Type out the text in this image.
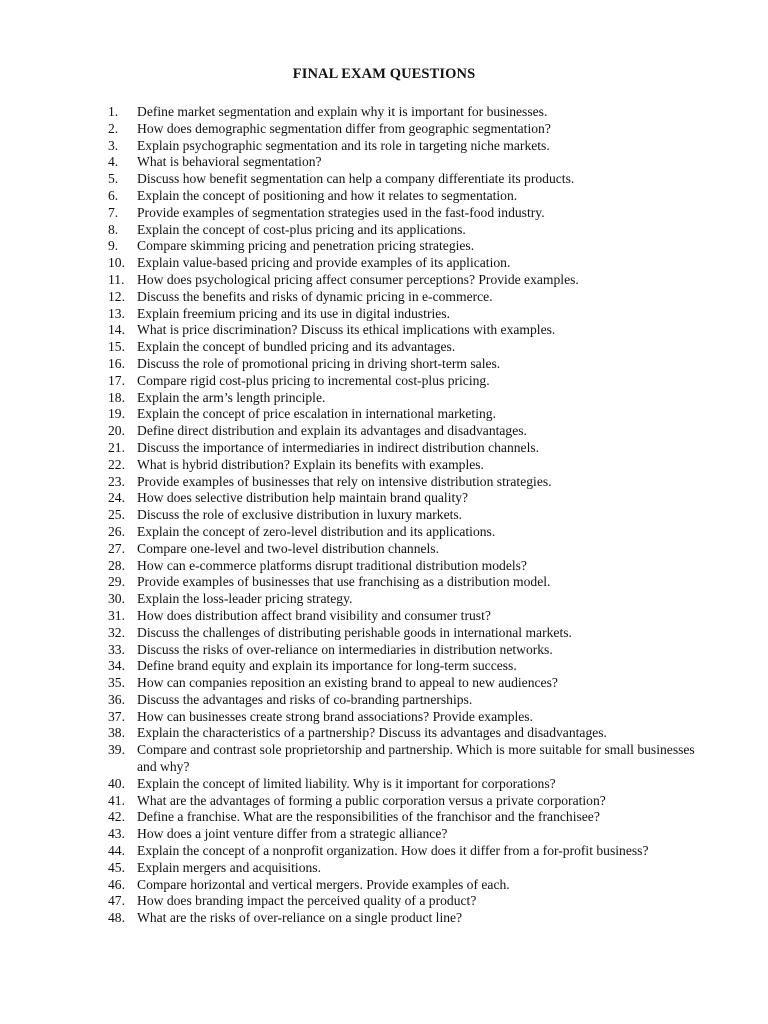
FINAL EXAM QUESTIONS
1.	Define market segmentation and explain why it is important for businesses.
2.	How does demographic segmentation differ from geographic segmentation?
3.	Explain psychographic segmentation and its role in targeting niche markets.
4.	What is behavioral segmentation?
5.	Discuss how benefit segmentation can help a company differentiate its products.
6.	Explain the concept of positioning and how it relates to segmentation.
7.	Provide examples of segmentation strategies used in the fast-food industry.
8.	Explain the concept of cost-plus pricing and its applications.
9.	Compare skimming pricing and penetration pricing strategies.
10. Explain value-based pricing and provide examples of its application.
11. How does psychological pricing affect consumer perceptions? Provide examples.
12. Discuss the benefits and risks of dynamic pricing in e-commerce.
13. Explain freemium pricing and its use in digital industries.
14. What is price discrimination? Discuss its ethical implications with examples.
15. Explain the concept of bundled pricing and its advantages.
16. Discuss the role of promotional pricing in driving short-term sales.
17. Compare rigid cost-plus pricing to incremental cost-plus pricing.
18. Explain the arm’s length principle.
19. Explain the concept of price escalation in international marketing.
20. Define direct distribution and explain its advantages and disadvantages.
21. Discuss the importance of intermediaries in indirect distribution channels.
22. What is hybrid distribution? Explain its benefits with examples.
23. Provide examples of businesses that rely on intensive distribution strategies.
24. How does selective distribution help maintain brand quality?
25. Discuss the role of exclusive distribution in luxury markets.
26. Explain the concept of zero-level distribution and its applications.
27. Compare one-level and two-level distribution channels.
28. How can e-commerce platforms disrupt traditional distribution models?
29. Provide examples of businesses that use franchising as a distribution model.
30. Explain the loss-leader pricing strategy.
31. How does distribution affect brand visibility and consumer trust?
32. Discuss the challenges of distributing perishable goods in international markets.
33. Discuss the risks of over-reliance on intermediaries in distribution networks.
34. Define brand equity and explain its importance for long-term success.
35. How can companies reposition an existing brand to appeal to new audiences?
36. Discuss the advantages and risks of co-branding partnerships.
37. How can businesses create strong brand associations? Provide examples.
38. Explain the characteristics of a partnership? Discuss its advantages and disadvantages.
39. Compare and contrast sole proprietorship and partnership. Which is more suitable for small businesses and why?
40. Explain the concept of limited liability. Why is it important for corporations?
41. What are the advantages of forming a public corporation versus a private corporation?
42. Define a franchise. What are the responsibilities of the franchisor and the franchisee?
43. How does a joint venture differ from a strategic alliance?
44. Explain the concept of a nonprofit organization. How does it differ from a for-profit business?
45. Explain mergers and acquisitions.
46. Compare horizontal and vertical mergers. Provide examples of each.
47. How does branding impact the perceived quality of a product?
48. What are the risks of over-reliance on a single product line?
